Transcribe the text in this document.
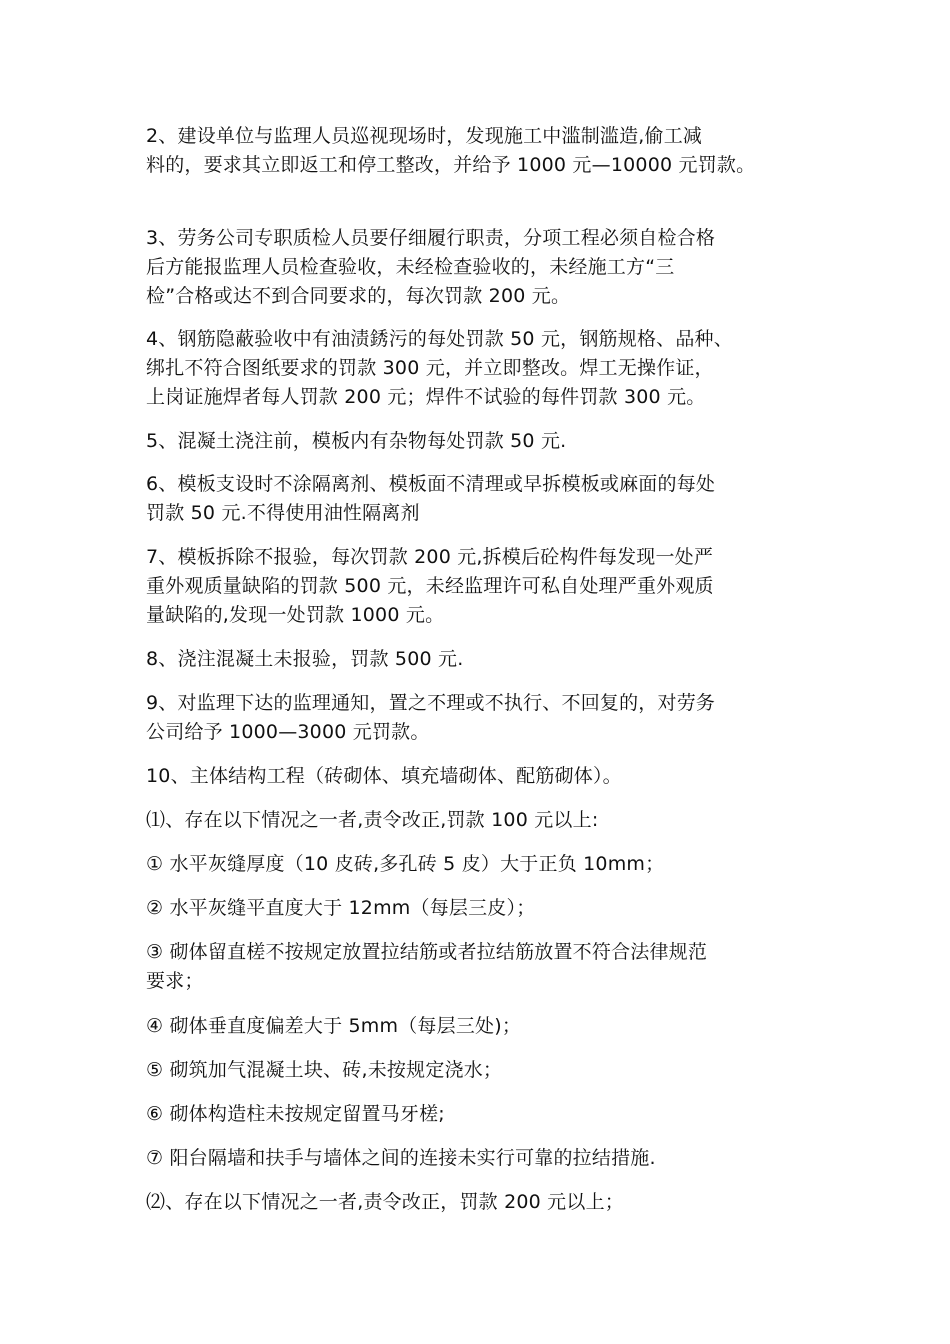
2、建设单位与监理人员巡视现场时，发现施工中滥制滥造,偷工减
料的，要求其立即返工和停工整改，并给予 1000 元—10000 元罚款。

3、劳务公司专职质检人员要仔细履行职责，分项工程必须自检合格
后方能报监理人员检查验收，未经检查验收的，未经施工方“三
检”合格或达不到合同要求的，每次罚款 200 元。

4、钢筋隐蔽验收中有油渍銹污的每处罚款 50 元，钢筋规格、品种、
绑扎不符合图纸要求的罚款 300 元，并立即整改。焊工无操作证，
上岗证施焊者每人罚款 200 元；焊件不试验的每件罚款 300 元。

5、混凝土浇注前，模板内有杂物每处罚款 50 元.

6、模板支设时不涂隔离剂、模板面不清理或早拆模板或麻面的每处
罚款 50 元.不得使用油性隔离剂

7、模板拆除不报验，每次罚款 200 元,拆模后砼构件每发现一处严
重外观质量缺陷的罚款 500 元，未经监理许可私自处理严重外观质
量缺陷的,发现一处罚款 1000 元。

8、浇注混凝土未报验，罚款 500 元.

9、对监理下达的监理通知，置之不理或不执行、不回复的，对劳务
公司给予 1000—3000 元罚款。

10、主体结构工程（砖砌体、填充墙砌体、配筋砌体）。

⑴、存在以下情况之一者,责令改正,罚款 100 元以上:

① 水平灰缝厚度（10 皮砖,多孔砖 5 皮）大于正负 10mm；

② 水平灰缝平直度大于 12mm（每层三皮）；

③ 砌体留直槎不按规定放置拉结筋或者拉结筋放置不符合法律规范
要求；

④ 砌体垂直度偏差大于 5mm（每层三处)；

⑤ 砌筑加气混凝土块、砖,未按规定浇水；

⑥ 砌体构造柱未按规定留置马牙槎;

⑦ 阳台隔墙和扶手与墙体之间的连接未实行可靠的拉结措施.

⑵、存在以下情况之一者,责令改正，罚款 200 元以上；
